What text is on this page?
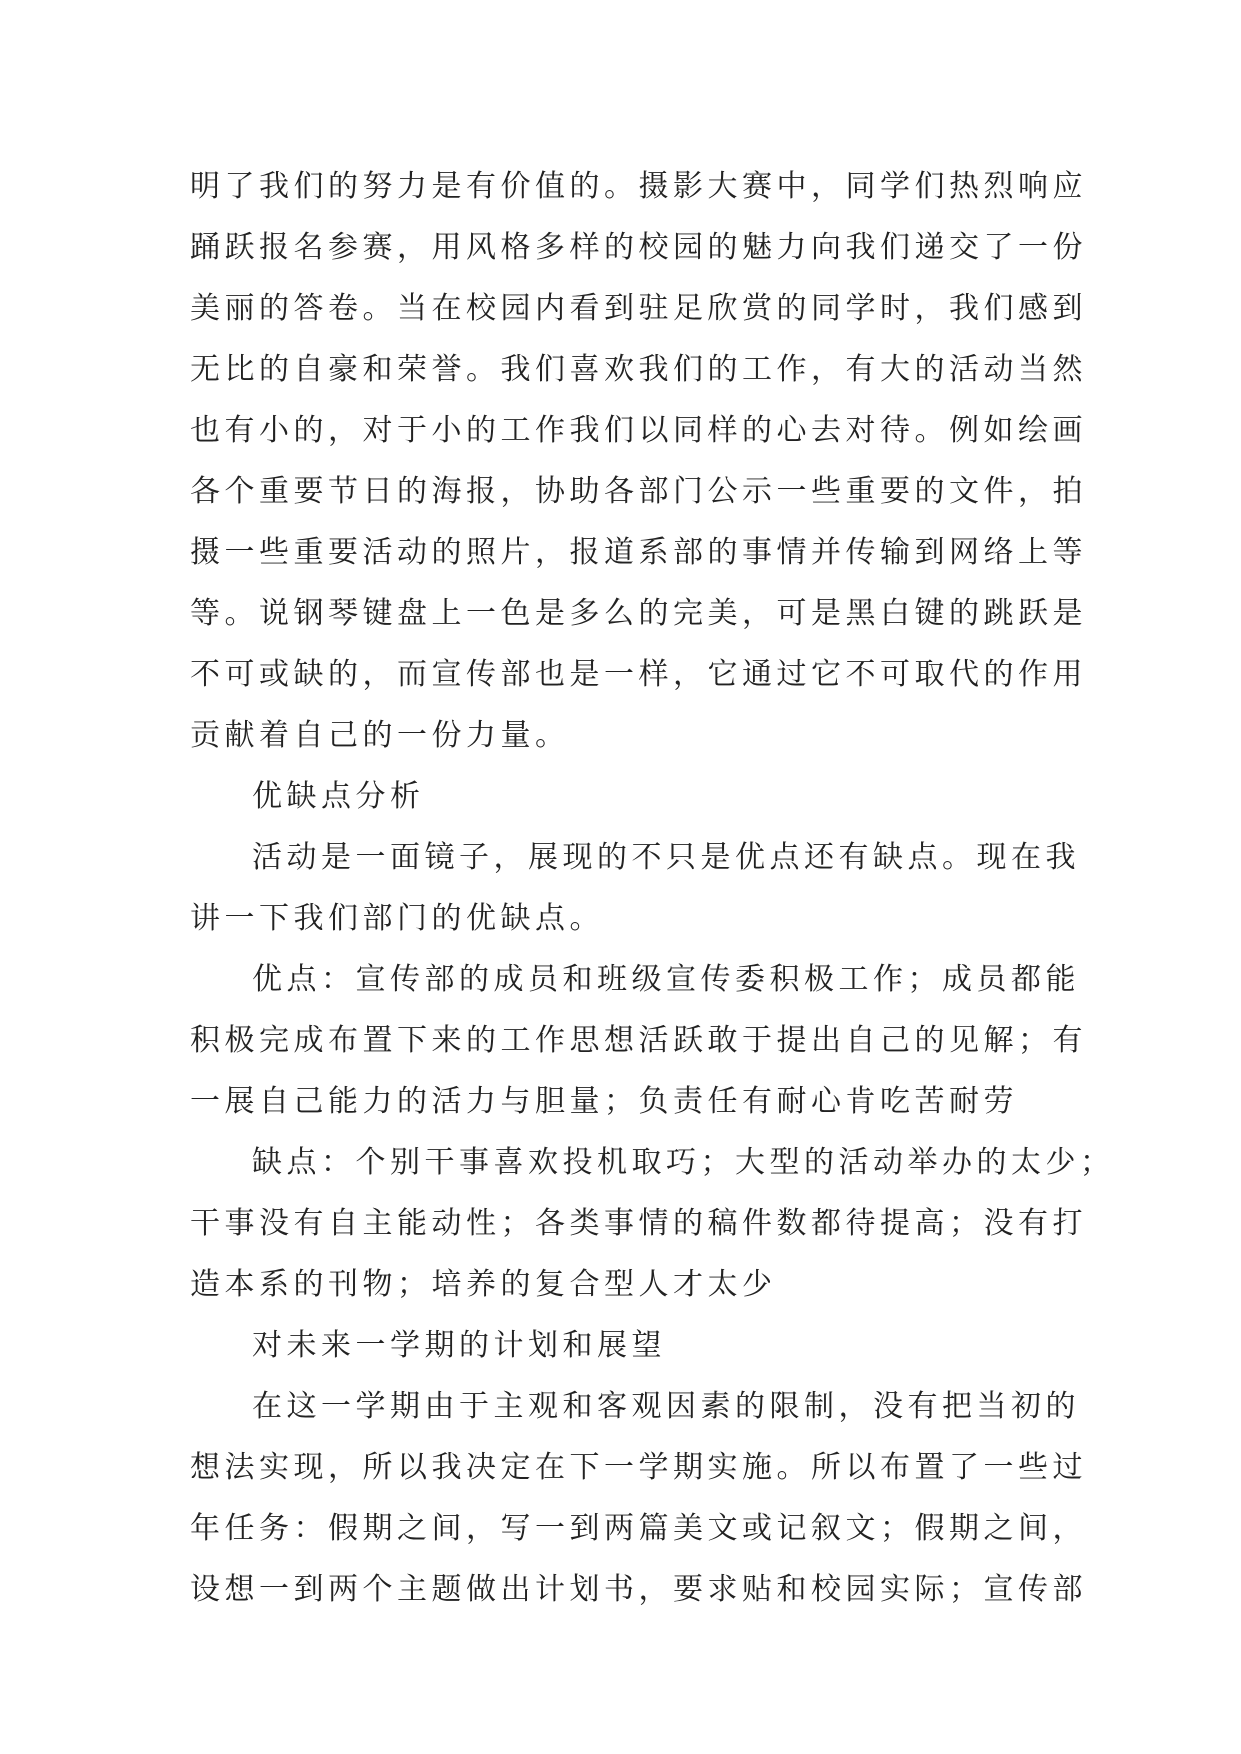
明了我们的努力是有价值的。摄影大赛中，同学们热烈响应
踊跃报名参赛，用风格多样的校园的魅力向我们递交了一份
美丽的答卷。当在校园内看到驻足欣赏的同学时，我们感到
无比的自豪和荣誉。我们喜欢我们的工作，有大的活动当然
也有小的，对于小的工作我们以同样的心去对待。例如绘画
各个重要节日的海报，协助各部门公示一些重要的文件，拍
摄一些重要活动的照片，报道系部的事情并传输到网络上等
等。说钢琴键盘上一色是多么的完美，可是黑白键的跳跃是
不可或缺的，而宣传部也是一样，它通过它不可取代的作用
贡献着自己的一份力量。
优缺点分析
活动是一面镜子，展现的不只是优点还有缺点。现在我
讲一下我们部门的优缺点。
优点：宣传部的成员和班级宣传委积极工作；成员都能
积极完成布置下来的工作思想活跃敢于提出自己的见解；有
一展自己能力的活力与胆量；负责任有耐心肯吃苦耐劳
缺点：个别干事喜欢投机取巧；大型的活动举办的太少；
干事没有自主能动性；各类事情的稿件数都待提高；没有打
造本系的刊物；培养的复合型人才太少
对未来一学期的计划和展望
在这一学期由于主观和客观因素的限制，没有把当初的
想法实现，所以我决定在下一学期实施。所以布置了一些过
年任务：假期之间，写一到两篇美文或记叙文；假期之间，
设想一到两个主题做出计划书，要求贴和校园实际；宣传部
